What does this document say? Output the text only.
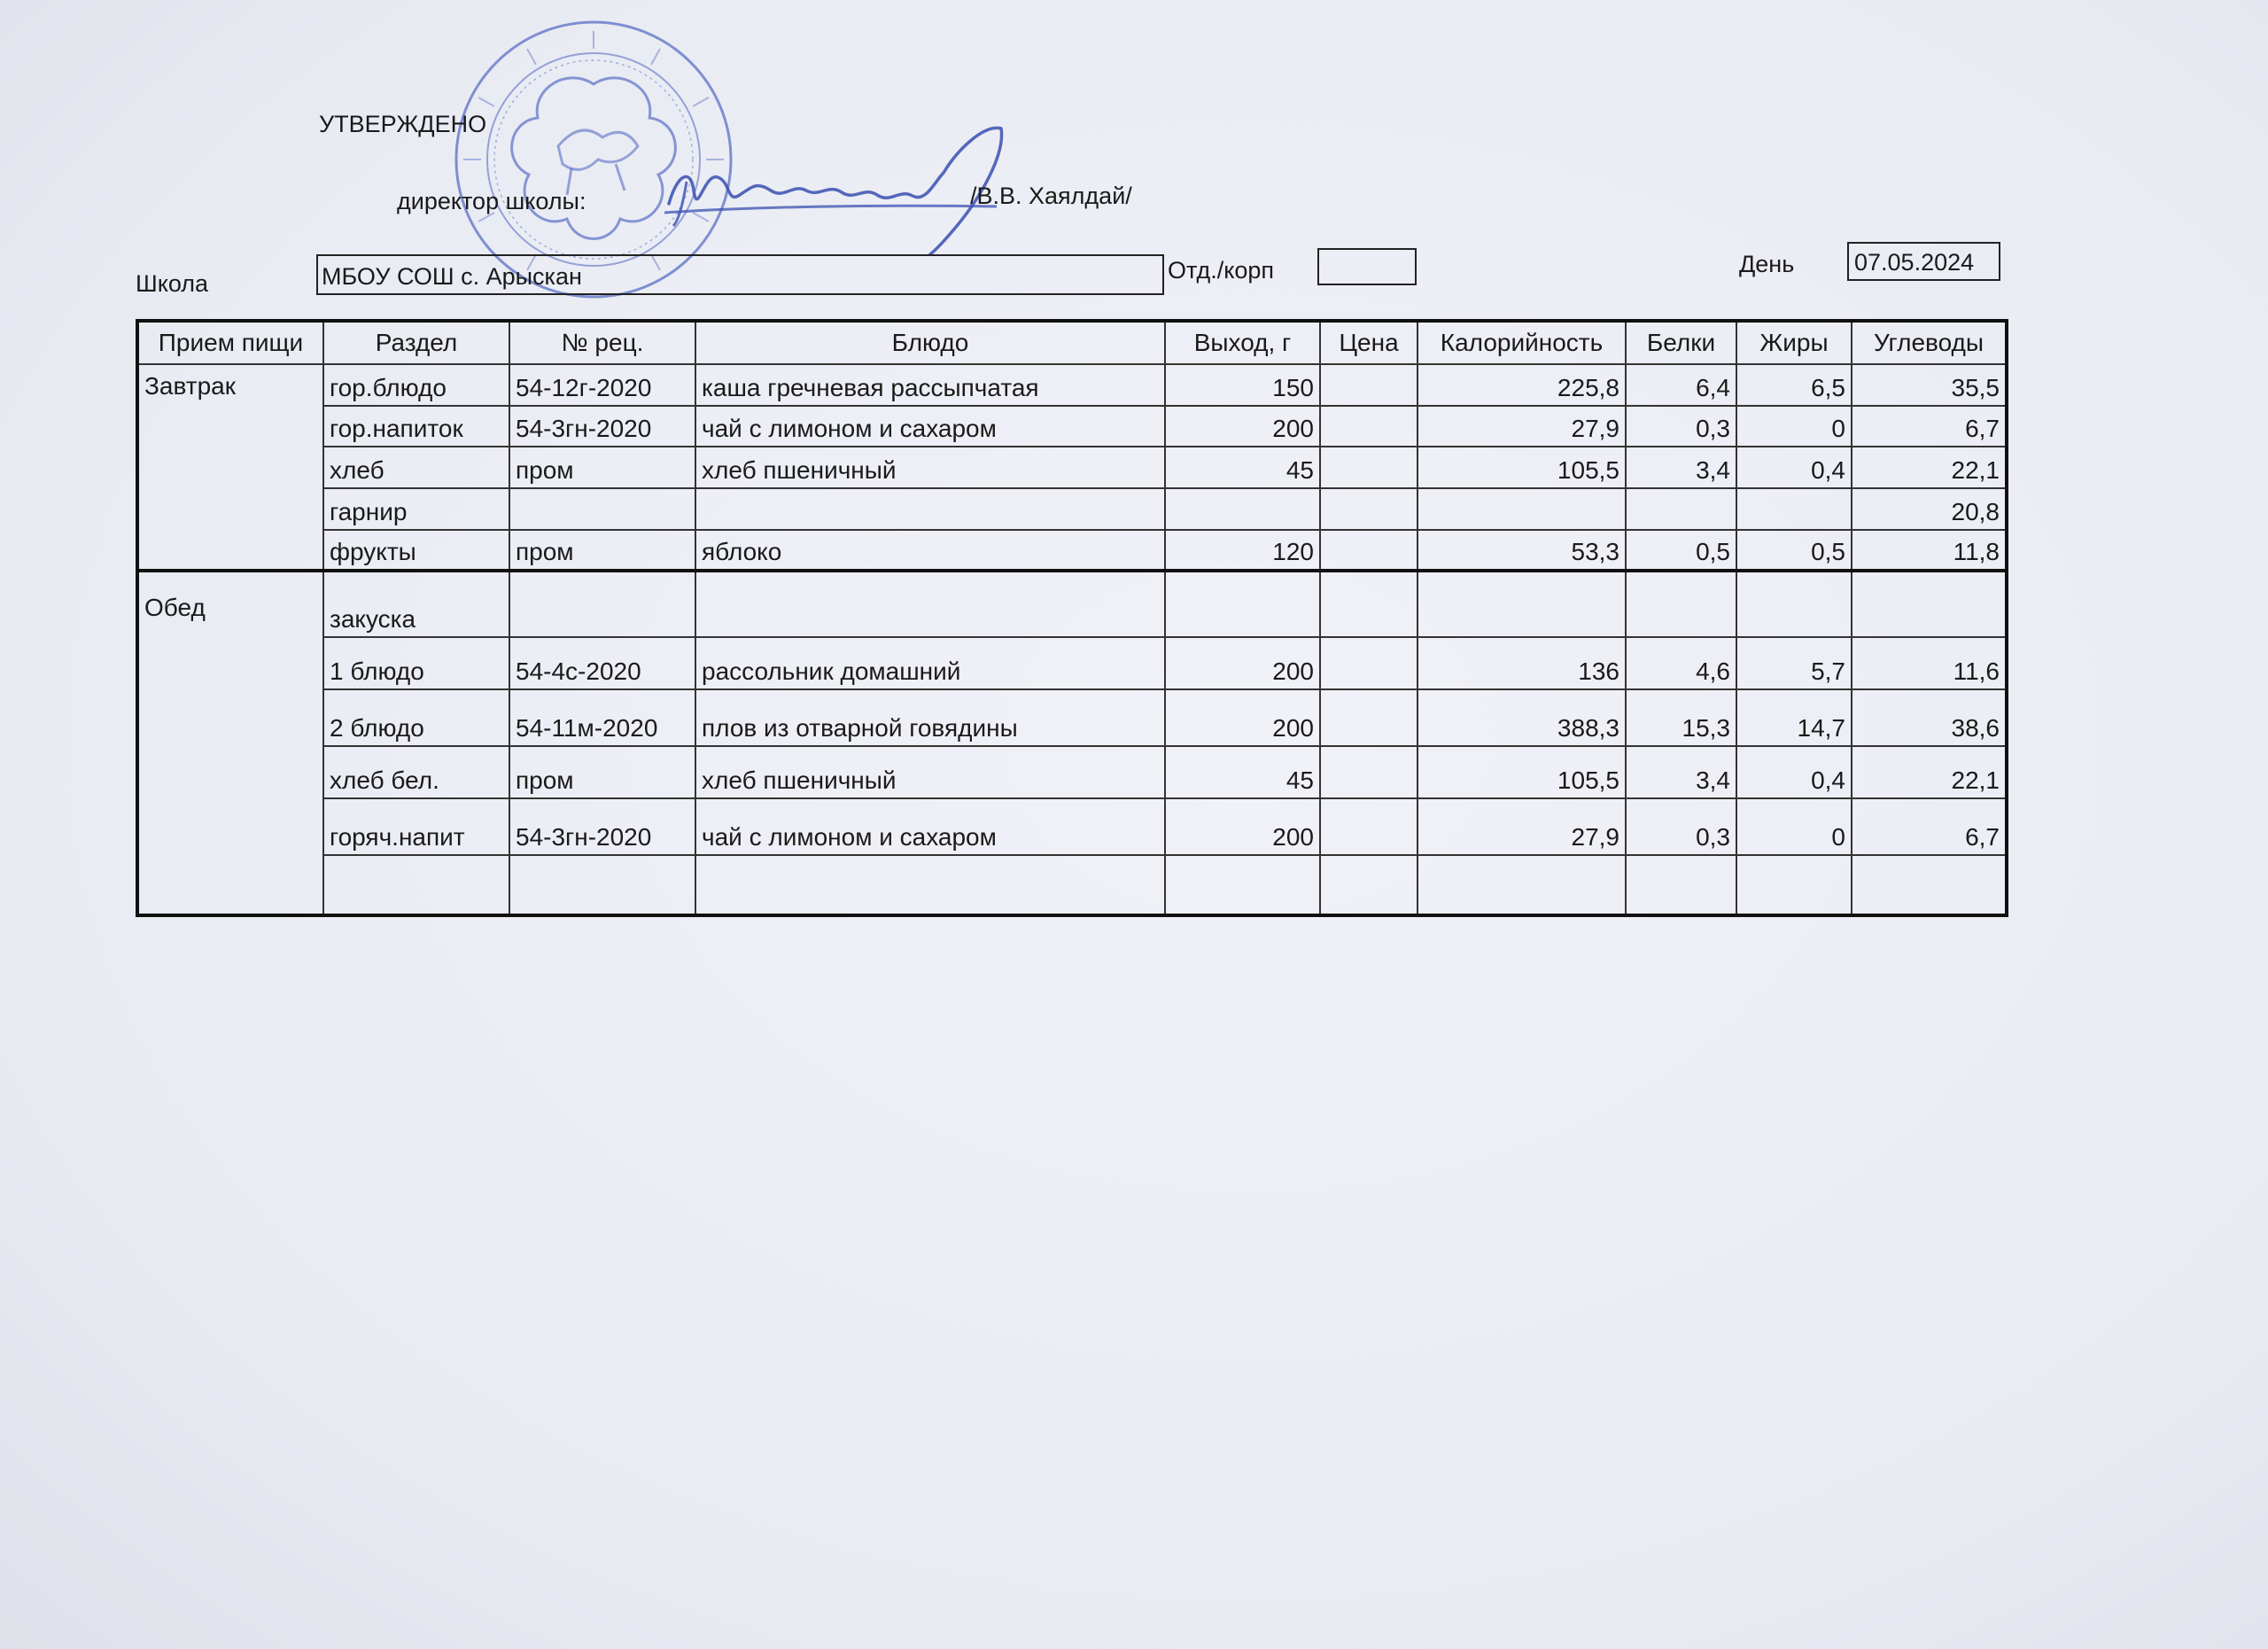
УТВЕРЖДЕНО
директор школы:	/В.В. Хаялдай/
Школа	МБОУ СОШ с. Арыскан	Отд./корп	День	07.05.2024
Прием пищи	Раздел	№ рец.	Блюдо	Выход, г	Цена	Калорийность	Белки	Жиры	Углеводы
Завтрак	гор.блюдо	54-12г-2020	каша гречневая рассыпчатая	150		225,8	6,4	6,5	35,5
	гор.напиток	54-3гн-2020	чай с лимоном и сахаром	200		27,9	0,3	0	6,7
	хлеб	пром	хлеб пшеничный	45		105,5	3,4	0,4	22,1
	гарнир								20,8
	фрукты	пром	яблоко	120		53,3	0,5	0,5	11,8
Обед	закуска								
	1 блюдо	54-4с-2020	рассольник домашний	200		136	4,6	5,7	11,6
	2 блюдо	54-11м-2020	плов из отварной говядины	200		388,3	15,3	14,7	38,6
	хлеб бел.	пром	хлеб пшеничный	45		105,5	3,4	0,4	22,1
	горяч.напит	54-3гн-2020	чай с лимоном и сахаром	200		27,9	0,3	0	6,7
